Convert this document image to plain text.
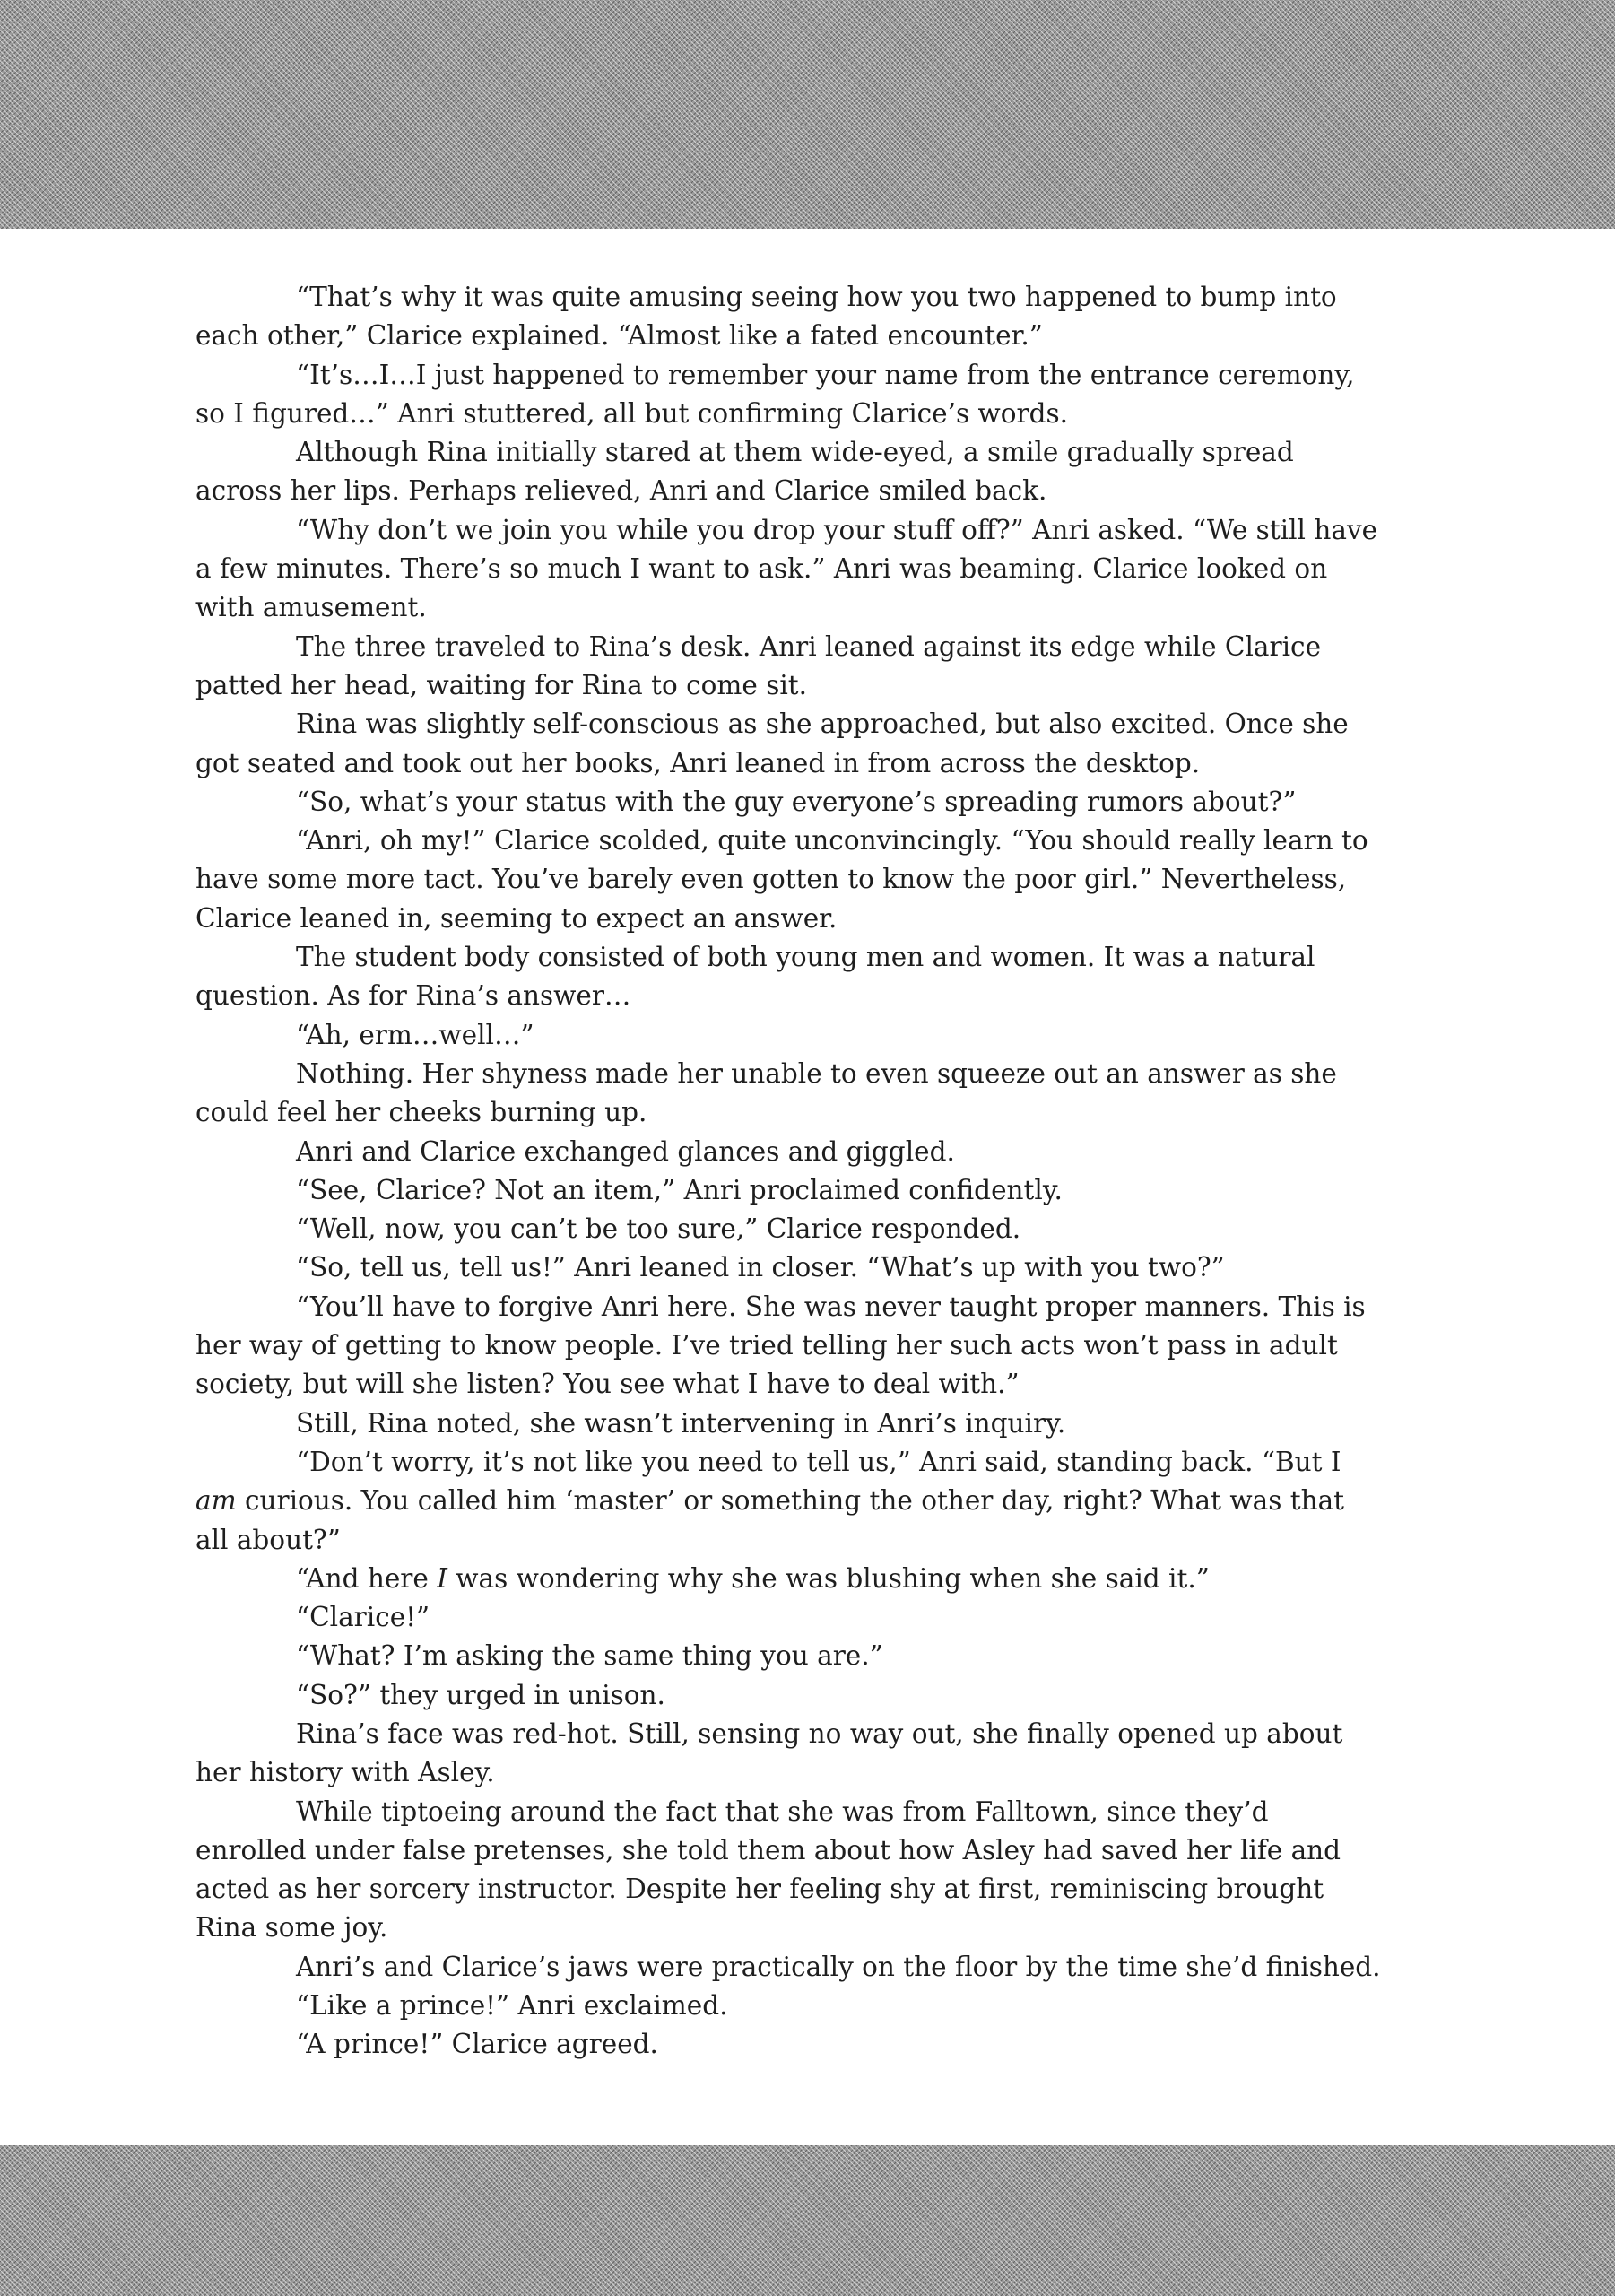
“That’s why it was quite amusing seeing how you two happened to bump into each other,” Clarice explained. “Almost like a fated encounter.”

“It’s…I…I just happened to remember your name from the entrance ceremony, so I figured…” Anri stuttered, all but confirming Clarice’s words.

Although Rina initially stared at them wide-eyed, a smile gradually spread across her lips. Perhaps relieved, Anri and Clarice smiled back.

“Why don’t we join you while you drop your stuff off?” Anri asked. “We still have a few minutes. There’s so much I want to ask.” Anri was beaming. Clarice looked on with amusement.

The three traveled to Rina’s desk. Anri leaned against its edge while Clarice patted her head, waiting for Rina to come sit.

Rina was slightly self-conscious as she approached, but also excited. Once she got seated and took out her books, Anri leaned in from across the desktop.

“So, what’s your status with the guy everyone’s spreading rumors about?”

“Anri, oh my!” Clarice scolded, quite unconvincingly. “You should really learn to have some more tact. You’ve barely even gotten to know the poor girl.” Nevertheless, Clarice leaned in, seeming to expect an answer.

The student body consisted of both young men and women. It was a natural question. As for Rina’s answer…

“Ah, erm…well…”

Nothing. Her shyness made her unable to even squeeze out an answer as she could feel her cheeks burning up.

Anri and Clarice exchanged glances and giggled.

“See, Clarice? Not an item,” Anri proclaimed confidently.

“Well, now, you can’t be too sure,” Clarice responded.

“So, tell us, tell us!” Anri leaned in closer. “What’s up with you two?”

“You’ll have to forgive Anri here. She was never taught proper manners. This is her way of getting to know people. I’ve tried telling her such acts won’t pass in adult society, but will she listen? You see what I have to deal with.”

Still, Rina noted, she wasn’t intervening in Anri’s inquiry.

“Don’t worry, it’s not like you need to tell us,” Anri said, standing back. “But I am curious. You called him ‘master’ or something the other day, right? What was that all about?”

“And here I was wondering why she was blushing when she said it.”

“Clarice!”

“What? I’m asking the same thing you are.”

“So?” they urged in unison.

Rina’s face was red-hot. Still, sensing no way out, she finally opened up about her history with Asley.

While tiptoeing around the fact that she was from Falltown, since they’d enrolled under false pretenses, she told them about how Asley had saved her life and acted as her sorcery instructor. Despite her feeling shy at first, reminiscing brought Rina some joy.

Anri’s and Clarice’s jaws were practically on the floor by the time she’d finished.

“Like a prince!” Anri exclaimed.

“A prince!” Clarice agreed.
